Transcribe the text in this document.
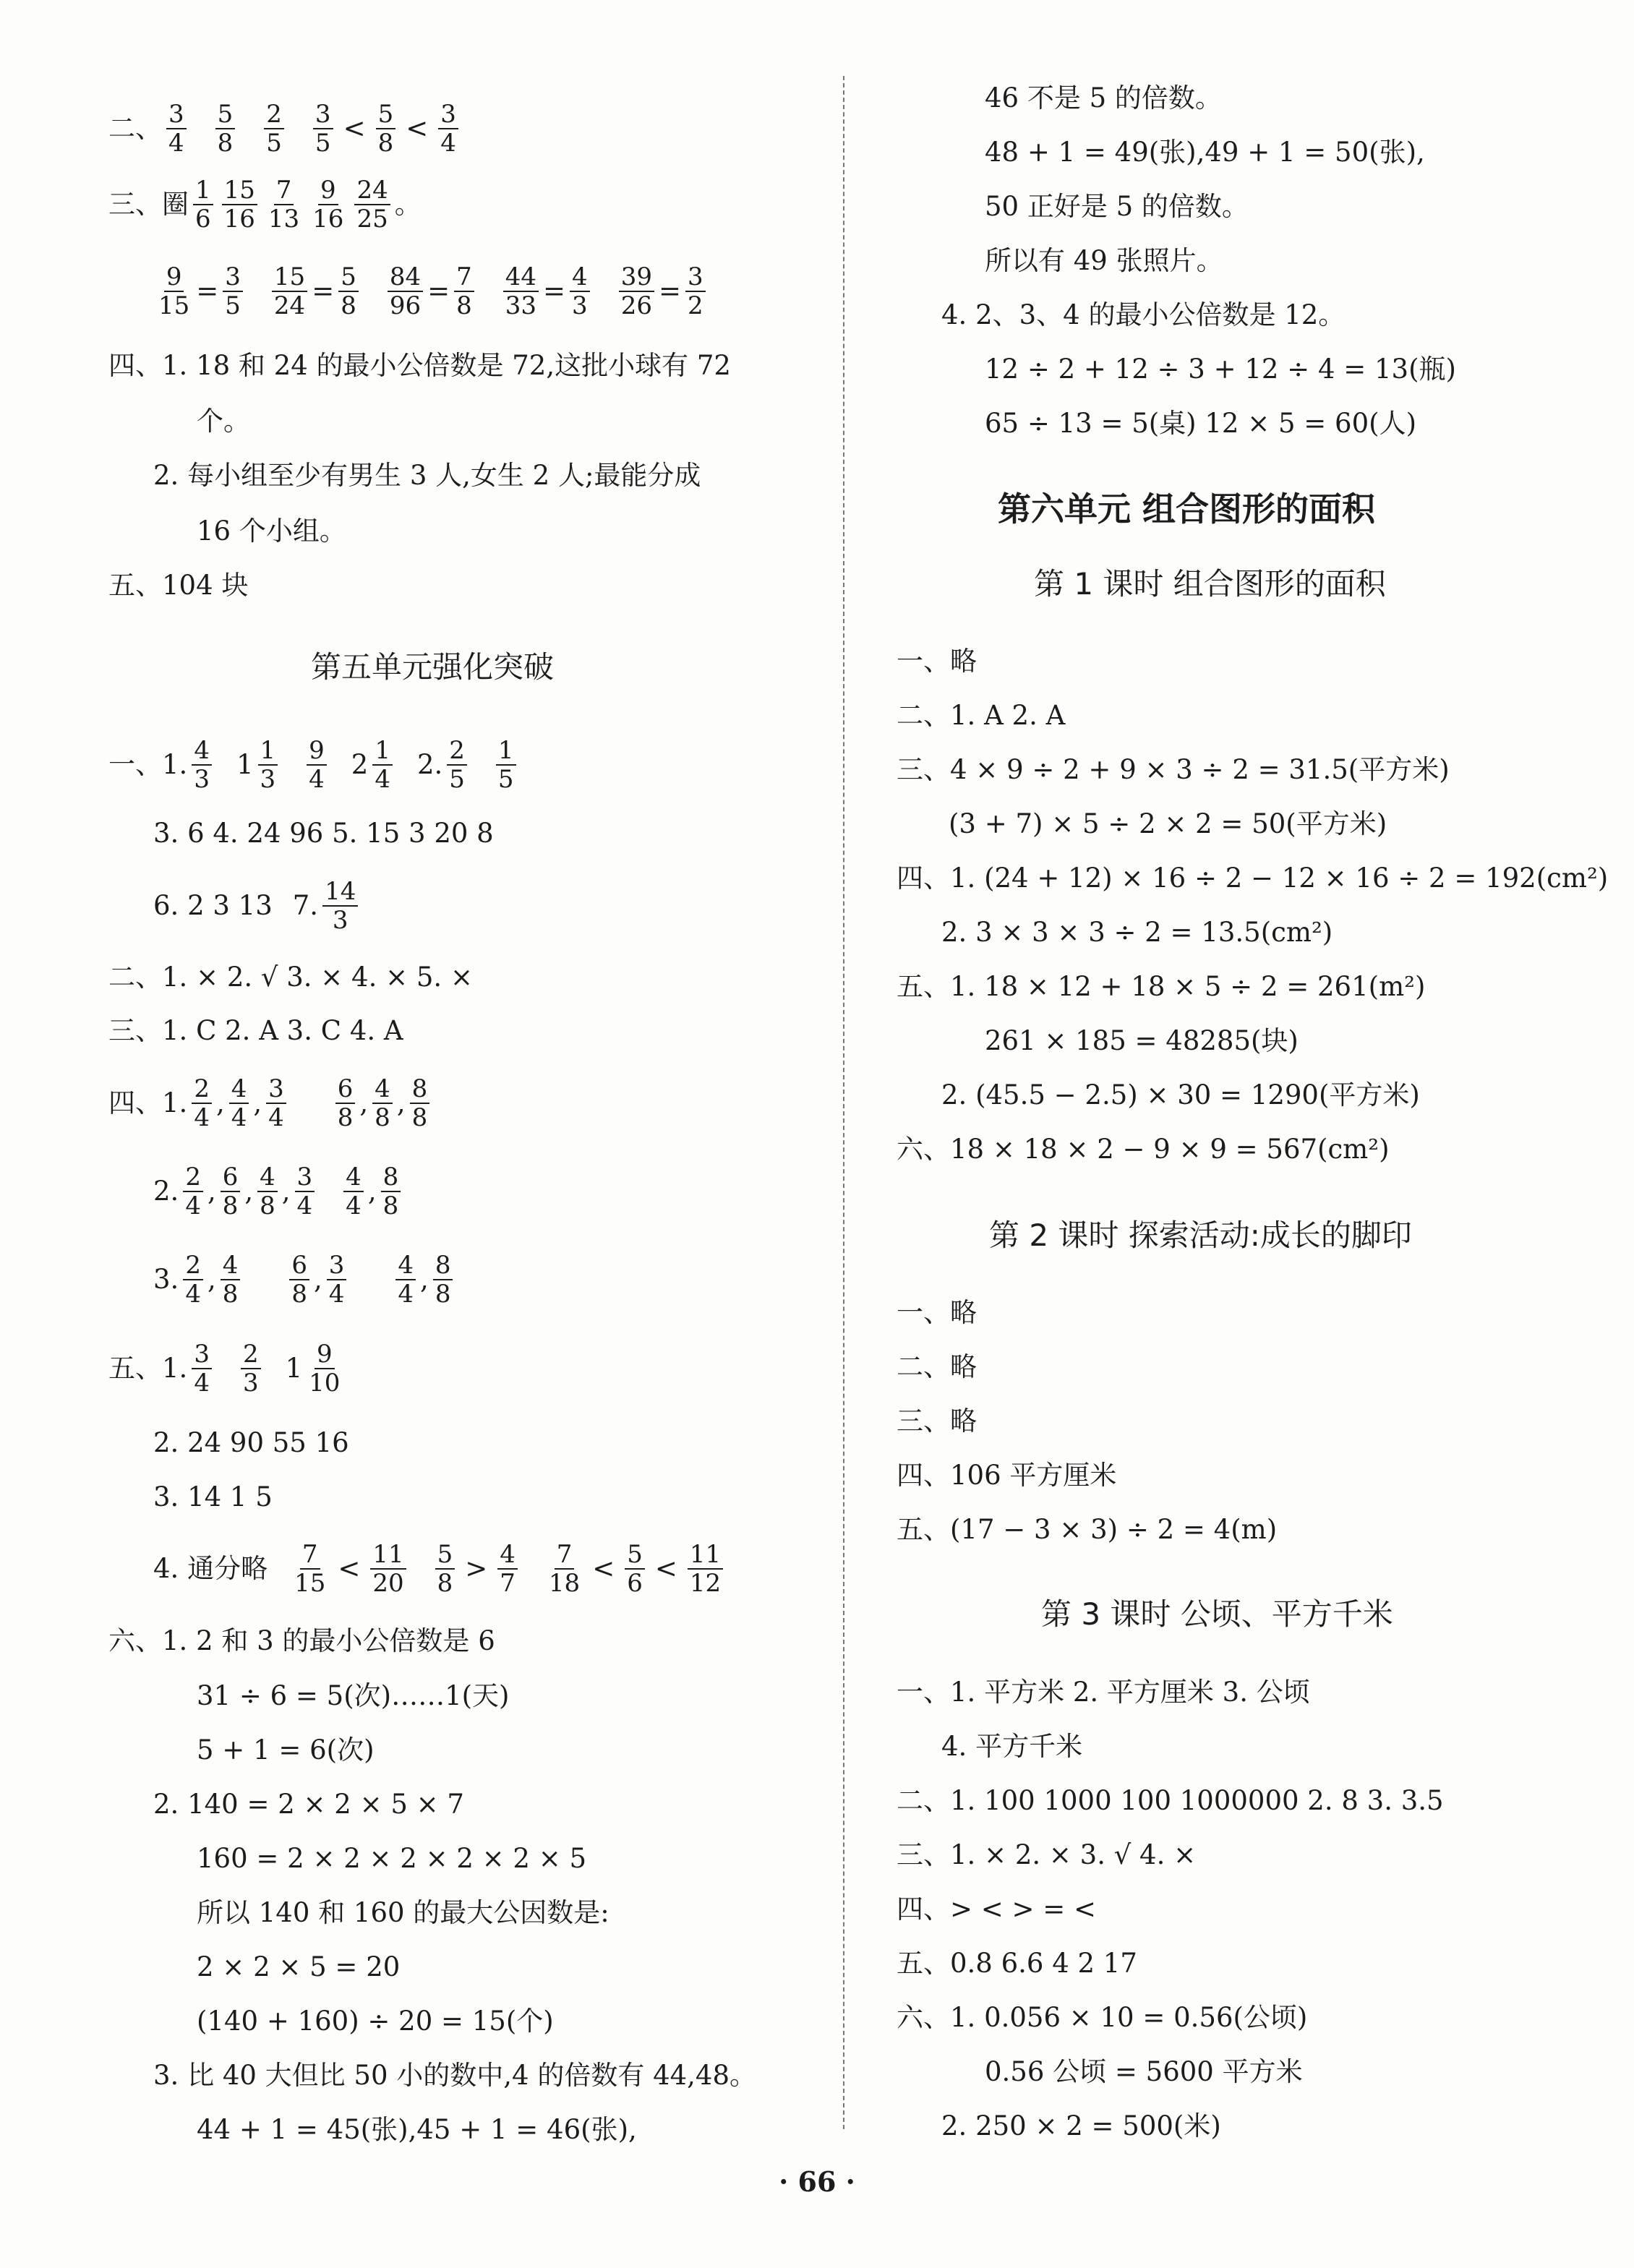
二、 $\frac{3}{4} \frac{5}{8} \frac{2}{5} \frac{3}{5} < \frac{5}{8} < \frac{3}{4}$
三、圈 $\frac{1}{6} \frac{15}{16} \frac{7}{13} \frac{9}{16} \frac{24}{25}$ 。
$\frac{9}{15} = \frac{3}{5} \frac{15}{24} = \frac{5}{8} \frac{84}{96} = \frac{7}{8} \frac{44}{33} = \frac{4}{3} \frac{39}{26} = \frac{3}{2}$
四、1. 18 和 24 的最小公倍数是 72,这批小球有 72
个。
2. 每小组至少有男生 3 人,女生 2 人;最能分成
16 个小组。
五、104 块
第五单元强化突破
一、1. $\frac{4}{3} 1 \frac{1}{3} \frac{9}{4} 2 \frac{1}{4} 2$. $\frac{2}{5} \frac{1}{5}$
3. 6 4. 24 96 5. 15 3 20 8
6. 2 3 13 7. $\frac{14}{3}$
二、1. × 2. √ 3. × 4. × 5. ×
三、1. C 2. A 3. C 4. A
四、1. $\frac{2}{4}$ , $\frac{4}{4}$ , $\frac{3}{4} \frac{6}{8}$ , $\frac{4}{8}$ , $\frac{8}{8}$
2. $\frac{2}{4}$ , $\frac{6}{8}$ , $\frac{4}{8}$ , $\frac{3}{4} \frac{4}{4}$ , $\frac{8}{8}$
3. $\frac{2}{4}$ , $\frac{4}{8} \frac{6}{8}$ , $\frac{3}{4} \frac{4}{4}$ , $\frac{8}{8}$
五、1. $\frac{3}{4} \frac{2}{3} 1 \frac{9}{10}$
2. 24 90 55 16
3. 14 1 5
4. 通分略 $\frac{7}{15} < \frac{11}{20} \frac{5}{8} > \frac{4}{7} \frac{7}{18} < \frac{5}{6} < \frac{11}{12}$
六、1. 2 和 3 的最小公倍数是 6
31 ÷ 6 = 5(次)……1(天)
5 + 1 = 6(次)
2. 140 = 2 × 2 × 5 × 7
160 = 2 × 2 × 2 × 2 × 2 × 5
所以 140 和 160 的最大公因数是:
2 × 2 × 5 = 20
(140 + 160) ÷ 20 = 15(个)
3. 比 40 大但比 50 小的数中,4 的倍数有 44,48。
44 + 1 = 45(张),45 + 1 = 46(张),
46 不是 5 的倍数。
48 + 1 = 49(张),49 + 1 = 50(张),
50 正好是 5 的倍数。
所以有 49 张照片。
4. 2、3、4 的最小公倍数是 12。
12 ÷ 2 + 12 ÷ 3 + 12 ÷ 4 = 13(瓶)
65 ÷ 13 = 5(桌) 12 × 5 = 60(人)
第六单元 组合图形的面积
第 1 课时 组合图形的面积
一、略
二、1. A 2. A
三、4 × 9 ÷ 2 + 9 × 3 ÷ 2 = 31.5(平方米)
(3 + 7) × 5 ÷ 2 × 2 = 50(平方米)
四、1. (24 + 12) × 16 ÷ 2 − 12 × 16 ÷ 2 = 192(cm²)
2. 3 × 3 × 3 ÷ 2 = 13.5(cm²)
五、1. 18 × 12 + 18 × 5 ÷ 2 = 261(m²)
261 × 185 = 48285(块)
2. (45.5 − 2.5) × 30 = 1290(平方米)
六、18 × 18 × 2 − 9 × 9 = 567(cm²)
第 2 课时 探索活动:成长的脚印
一、略
二、略
三、略
四、106 平方厘米
五、(17 − 3 × 3) ÷ 2 = 4(m)
第 3 课时 公顷、平方千米
一、1. 平方米 2. 平方厘米 3. 公顷
4. 平方千米
二、1. 100 1000 100 1000000 2. 8 3. 3.5
三、1. × 2. × 3. √ 4. ×
四、> < > = <
五、0.8 6.6 4 2 17
六、1. 0.056 × 10 = 0.56(公顷)
0.56 公顷 = 5600 平方米
2. 250 × 2 = 500(米)
· 66 ·
